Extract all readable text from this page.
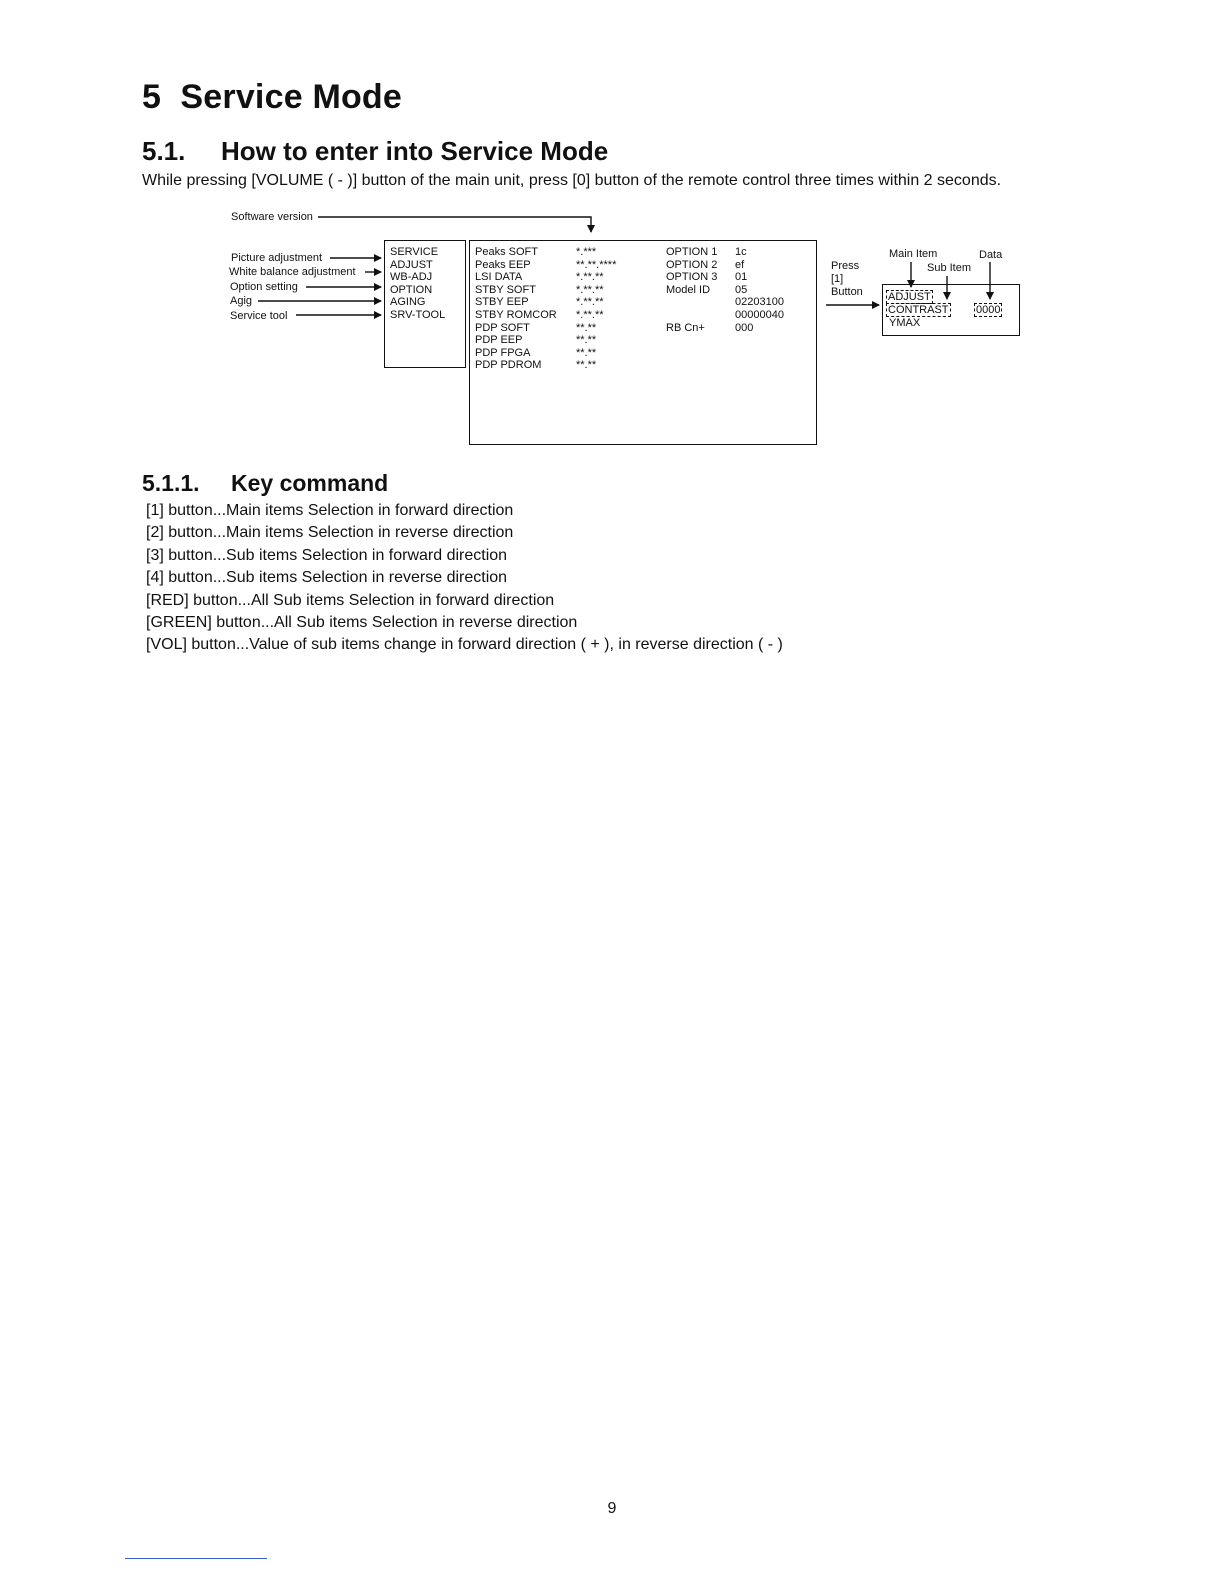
5 Service Mode
5.1. How to enter into Service Mode

While pressing [VOLUME ( - )] button of the main unit, press [0] button of the remote control three times within 2 seconds.

Software version
Picture adjustment
White balance adjustment
Option setting
Agig
Service tool
SERVICE
ADJUST
WB-ADJ
OPTION
AGING
SRV-TOOL
Peaks SOFT
Peaks EEP
LSI DATA
STBY SOFT
STBY EEP
STBY ROMCOR
PDP SOFT
PDP EEP
PDP FPGA
PDP PDROM
*.***
**.**.****
*.**.**
*.**.**
*.**.**
*.**.**
**.**
**.**
**.**
**.**
OPTION 1
OPTION 2
OPTION 3
Model ID
RB Cn+
1c
ef
01
05
02203100
00000040
000
Press
[1]
Button
Main Item
Sub Item
Data
ADJUST
CONTRAST	0000
YMAX
5.1.1. Key command
[1] button...Main items Selection in forward direction
[2] button...Main items Selection in reverse direction
[3] button...Sub items Selection in forward direction
[4] button...Sub items Selection in reverse direction
[RED] button...All Sub items Selection in forward direction
[GREEN] button...All Sub items Selection in reverse direction
[VOL] button...Value of sub items change in forward direction ( + ), in reverse direction ( - )
9
